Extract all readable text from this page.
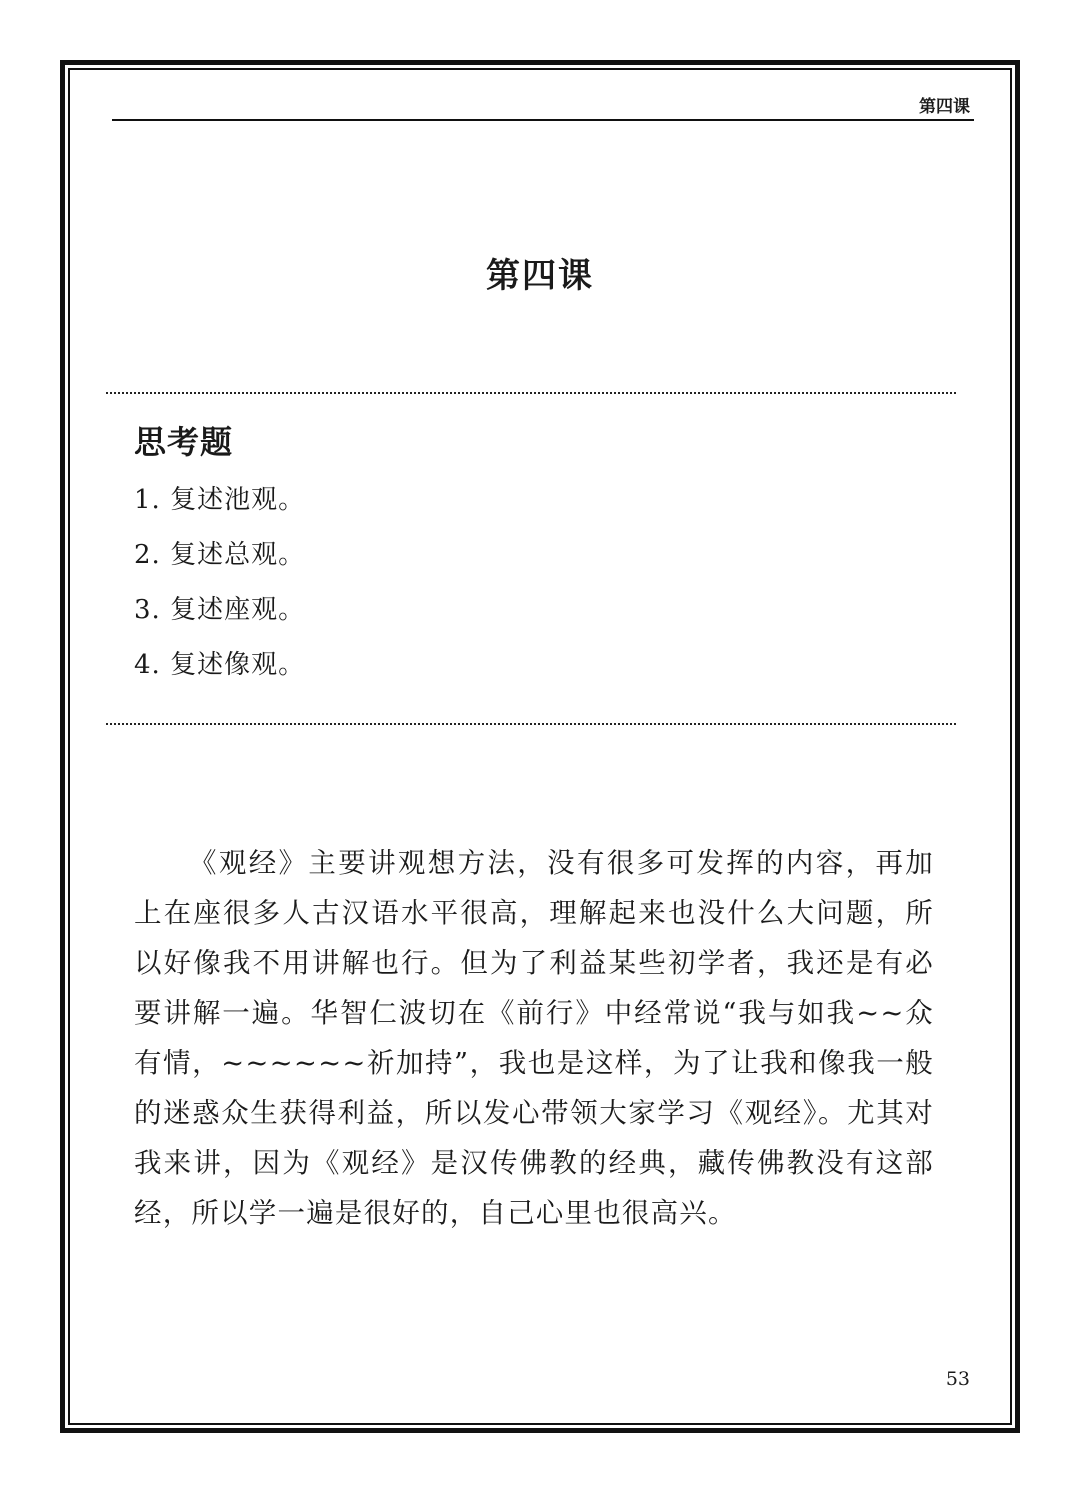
第四课
第四课
思考题
1. 复述池观。
2. 复述总观。
3. 复述座观。
4. 复述像观。

《观经》主要讲观想方法，没有很多可发挥的内容，再加上在座很多人古汉语水平很高，理解起来也没什么大问题，所以好像我不用讲解也行。但为了利益某些初学者，我还是有必要讲解一遍。华智仁波切在《前行》中经常说“我与如我~~众有情，~~~~~~祈加持”，我也是这样，为了让我和像我一般的迷惑众生获得利益，所以发心带领大家学习《观经》。尤其对我来讲，因为《观经》是汉传佛教的经典，藏传佛教没有这部经，所以学一遍是很好的，自己心里也很高兴。

53
